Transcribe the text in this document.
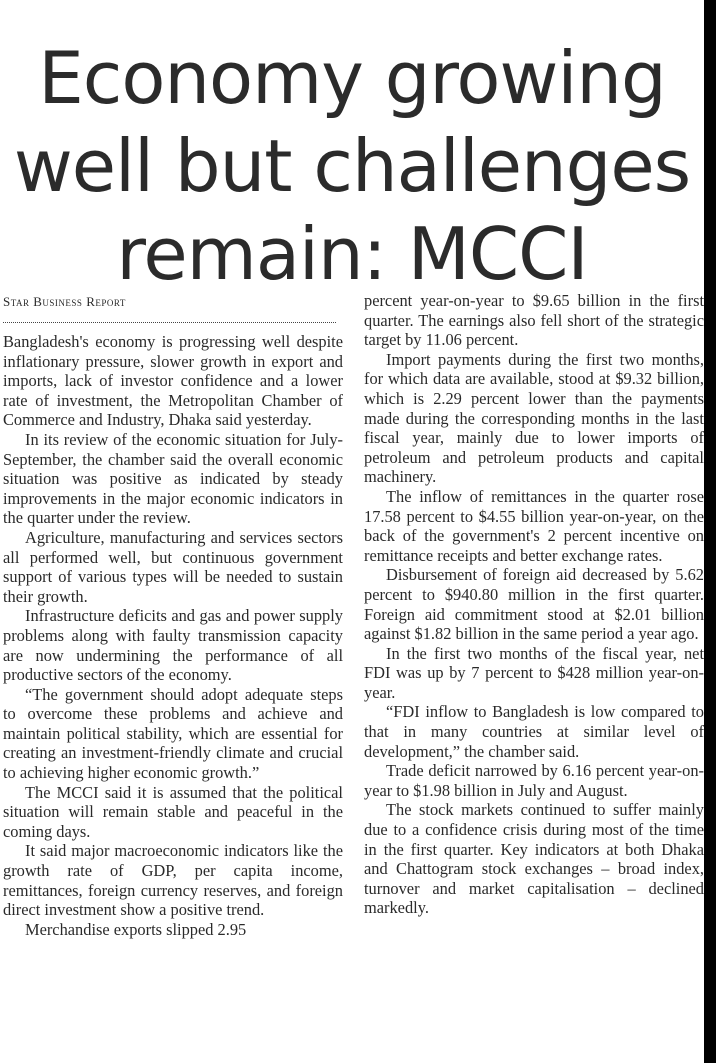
Economy growing well but challenges remain: MCCI
Star Business Report

Bangladesh's economy is progressing well despite inflationary pressure, slower growth in export and imports, lack of investor confidence and a lower rate of investment, the Metropolitan Chamber of Commerce and Industry, Dhaka said yesterday.

In its review of the economic situation for July-September, the chamber said the overall economic situation was positive as indicated by steady improvements in the major economic indicators in the quarter under the review.

Agriculture, manufacturing and services sectors all performed well, but continuous government support of various types will be needed to sustain their growth.

Infrastructure deficits and gas and power supply problems along with faulty transmission capacity are now undermining the performance of all productive sectors of the economy.

“The government should adopt adequate steps to overcome these problems and achieve and maintain political stability, which are essential for creating an investment-friendly climate and crucial to achieving higher economic growth.”

The MCCI said it is assumed that the political situation will remain stable and peaceful in the coming days.

It said major macroeconomic indicators like the growth rate of GDP, per capita income, remittances, foreign currency reserves, and foreign direct investment show a positive trend.

Merchandise exports slipped 2.95

percent year-on-year to $9.65 billion in the first quarter. The earnings also fell short of the strategic target by 11.06 percent.

Import payments during the first two months, for which data are available, stood at $9.32 billion, which is 2.29 percent lower than the payments made during the corresponding months in the last fiscal year, mainly due to lower imports of petroleum and petroleum products and capital machinery.

The inflow of remittances in the quarter rose 17.58 percent to $4.55 billion year-on-year, on the back of the government's 2 percent incentive on remittance receipts and better exchange rates.

Disbursement of foreign aid decreased by 5.62 percent to $940.80 million in the first quarter. Foreign aid commitment stood at $2.01 billion against $1.82 billion in the same period a year ago.

In the first two months of the fiscal year, net FDI was up by 7 percent to $428 million year-on-year.

“FDI inflow to Bangladesh is low compared to that in many countries at similar level of development,” the chamber said.

Trade deficit narrowed by 6.16 percent year-on-year to $1.98 billion in July and August.

The stock markets continued to suffer mainly due to a confidence crisis during most of the time in the first quarter. Key indicators at both Dhaka and Chattogram stock exchanges – broad index, turnover and market capitalisation – declined markedly.
